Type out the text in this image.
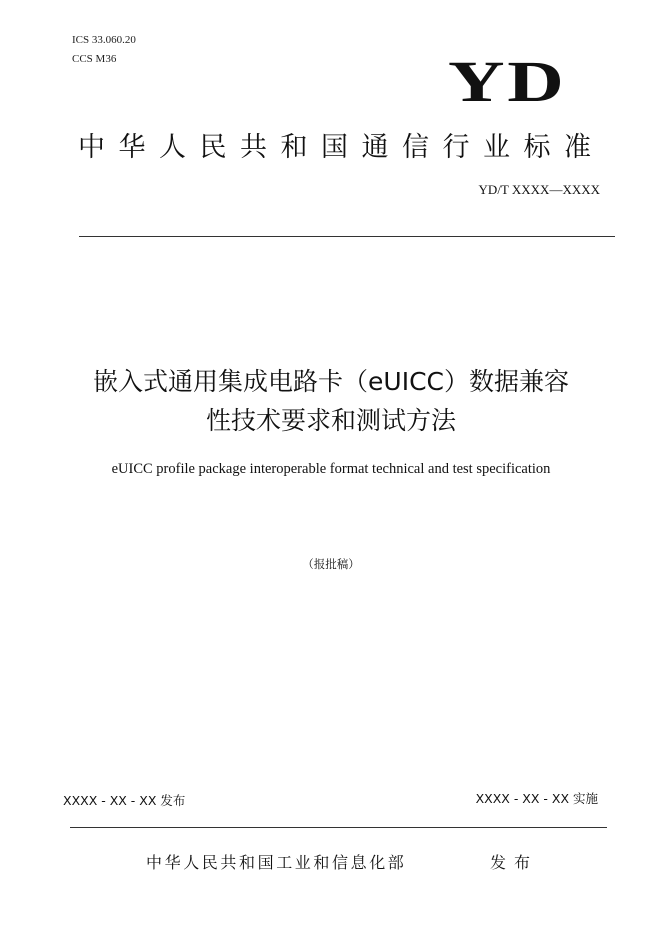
ICS 33.060.20
CCS M36	YD
中华人民共和国通信行业标准
YD/T XXXX—XXXX
嵌入式通用集成电路卡（eUICC）数据兼容
性技术要求和测试方法
eUICC profile package interoperable format technical and test specification
（报批稿）
XXXX - XX - XX 发布	XXXX - XX - XX 实施
中华人民共和国工业和信息化部	发布
